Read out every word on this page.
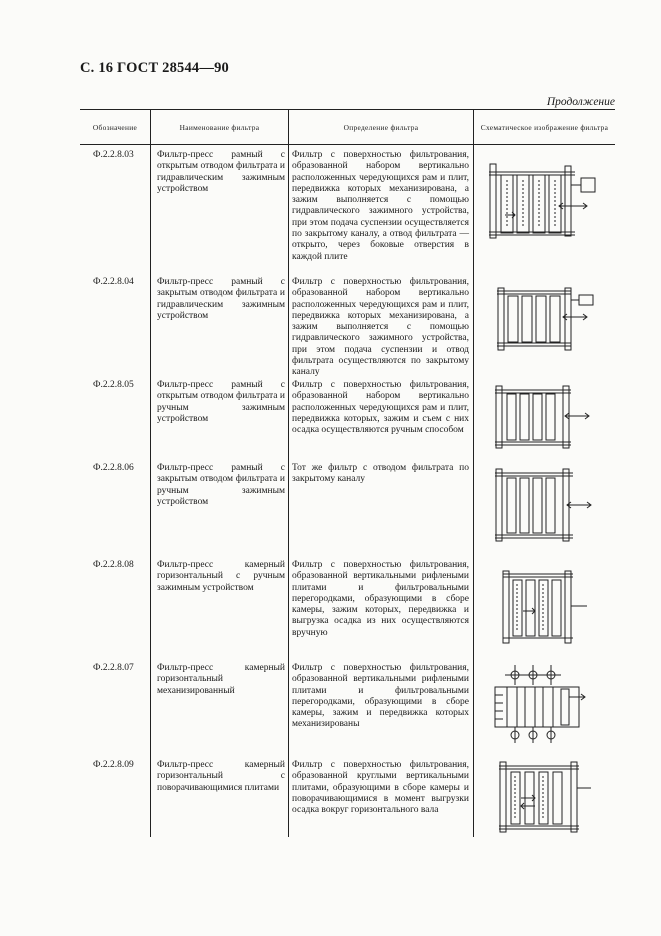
С. 16 ГОСТ 28544—90
Продолжение
Обозначение	Наименование фильтра	Определение фильтра	Схематическое изображение фильтра
Ф.2.2.8.03 Фильтр-пресс рамный с открытым отводом фильтрата и гидравлическим зажимным устройством
Фильтр с поверхностью фильтрования, образованной набором вертикально расположенных чередующихся рам и плит, передвижка которых механизирована, а зажим выполняется с помощью гидравлического зажимного устройства, при этом подача суспензии осуществляется по закрытому каналу, а отвод фильтрата — открыто, через боковые отверстия в каждой плите
Ф.2.2.8.04 Фильтр-пресс рамный с закрытым отводом фильтрата и гидравлическим зажимным устройством
Фильтр с поверхностью фильтрования, образованной набором вертикально расположенных чередующихся рам и плит, передвижка которых механизирована, а зажим выполняется с помощью гидравлического зажимного устройства, при этом подача суспензии и отвод фильтрата осуществляются по закрытому каналу
Ф.2.2.8.05 Фильтр-пресс рамный с открытым отводом фильтрата и ручным зажимным устройством
Фильтр с поверхностью фильтрования, образованной набором вертикально расположенных чередующихся рам и плит, передвижка которых, зажим и съем с них осадка осуществляются ручным способом
Ф.2.2.8.06 Фильтр-пресс рамный с закрытым отводом фильтрата и ручным зажимным устройством
Тот же фильтр с отводом фильтрата по закрытому каналу
Ф.2.2.8.08 Фильтр-пресс камерный горизонтальный с ручным зажимным устройством
Фильтр с поверхностью фильтрования, образованной вертикальными рифлеными плитами и фильтровальными перегородками, образующими в сборе камеры, зажим которых, передвижка и выгрузка осадка из них осуществляются вручную
Ф.2.2.8.07 Фильтр-пресс камерный горизонтальный механизированный
Фильтр с поверхностью фильтрования, образованной вертикальными рифлеными плитами и фильтровальными перегородками, образующими в сборе камеры, зажим и передвижка которых механизированы
Ф.2.2.8.09 Фильтр-пресс камерный горизонтальный с поворачивающимися плитами
Фильтр с поверхностью фильтрования, образованной круглыми вертикальными плитами, образующими в сборе камеры и поворачивающимися в момент выгрузки осадка вокруг горизонтального вала
